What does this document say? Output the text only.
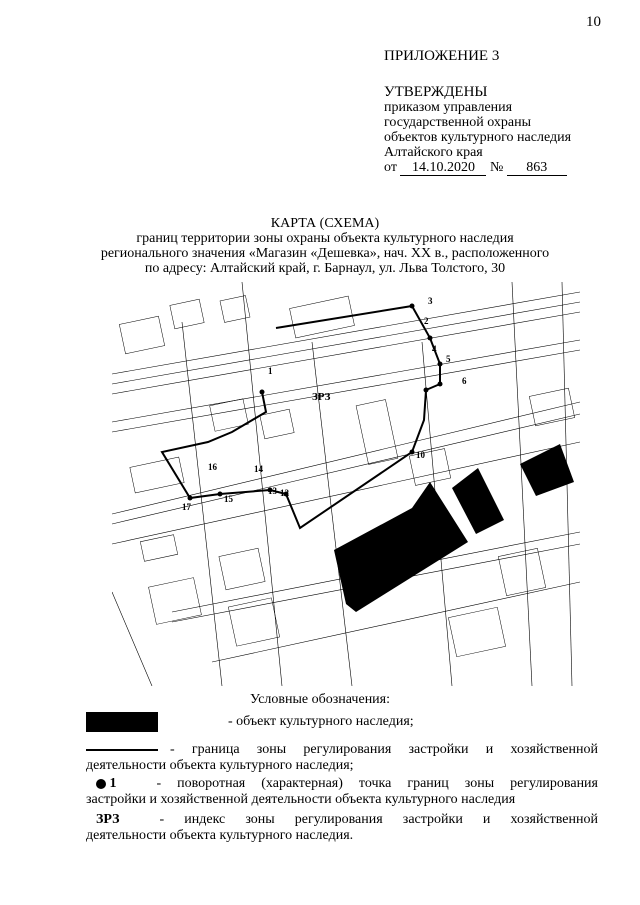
10
ПРИЛОЖЕНИЕ 3
УТВЕРЖДЕНЫ
приказом управления
государственной охраны
объектов культурного наследия
Алтайского края
от 14.10.2020 № 863
КАРТА (СХЕМА)
границ территории зоны охраны объекта культурного наследия
регионального значения «Магазин «Дешевка», нач. XX в., расположенного
по адресу: Алтайский край, г. Барнаул, ул. Льва Толстого, 30
2
4
5
6
10
13 12
14
15
16
17
1
3
ЗРЗ
Условные обозначения:
- объект культурного наследия;
- граница зоны регулирования застройки и хозяйственной
деятельности объекта культурного наследия;
1	- поворотная (характерная) точка границ зоны регулирования
застройки и хозяйственной деятельности объекта культурного наследия
ЗРЗ	- индекс зоны регулирования застройки и хозяйственной
деятельности объекта культурного наследия.
